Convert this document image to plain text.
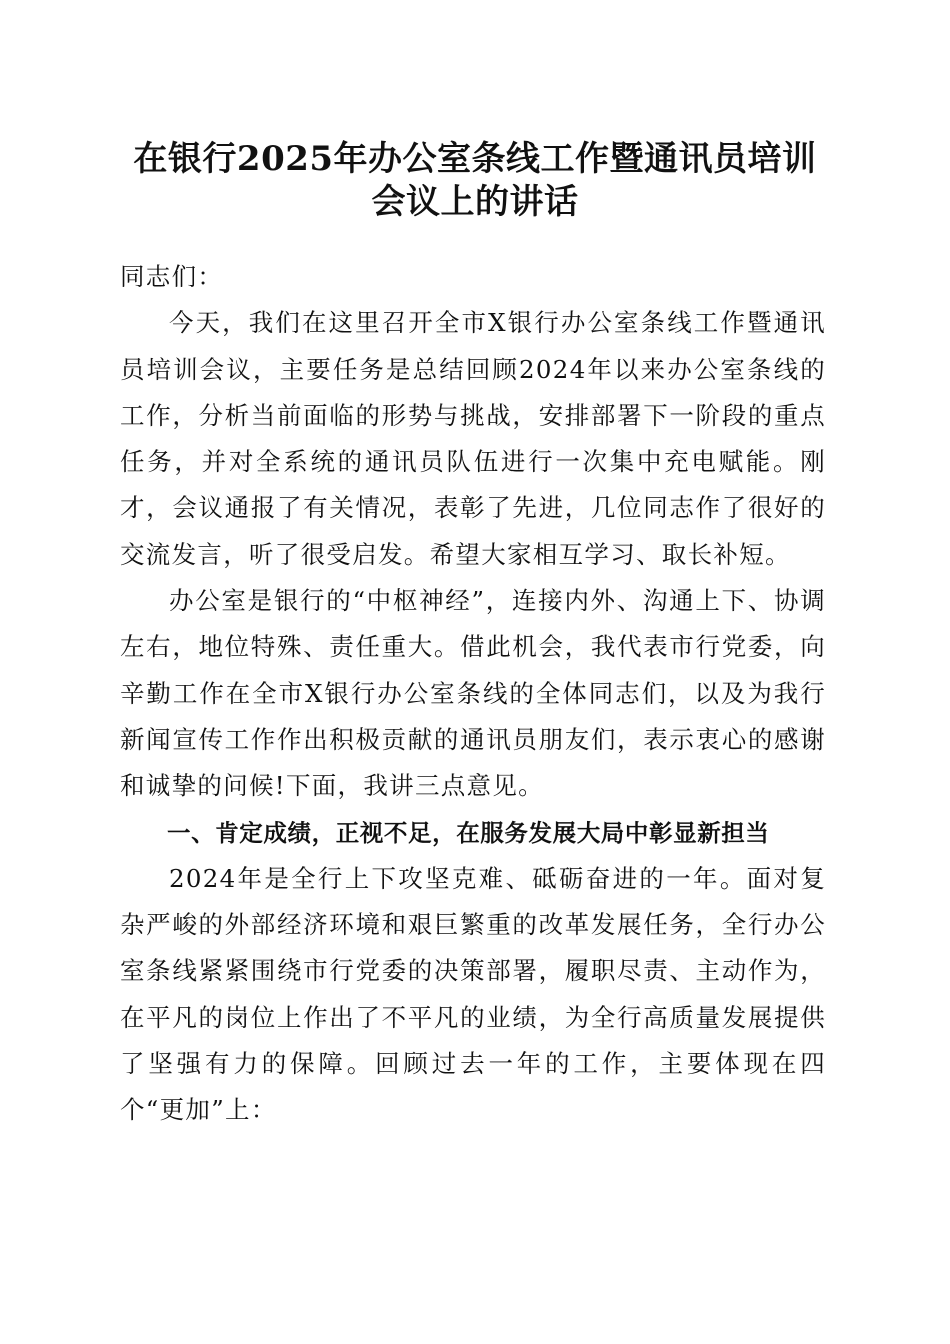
在银行2025年办公室条线工作暨通讯员培训
会议上的讲话

同志们：

今天，我们在这里召开全市X银行办公室条线工作暨通讯员培训会议，主要任务是总结回顾2024年以来办公室条线的工作，分析当前面临的形势与挑战，安排部署下一阶段的重点任务，并对全系统的通讯员队伍进行一次集中充电赋能。刚才，会议通报了有关情况，表彰了先进，几位同志作了很好的交流发言，听了很受启发。希望大家相互学习、取长补短。

办公室是银行的“中枢神经”，连接内外、沟通上下、协调左右，地位特殊、责任重大。借此机会，我代表市行党委，向辛勤工作在全市X银行办公室条线的全体同志们，以及为我行新闻宣传工作作出积极贡献的通讯员朋友们，表示衷心的感谢和诚挚的问候!下面，我讲三点意见。

一、肯定成绩，正视不足，在服务发展大局中彰显新担当

2024年是全行上下攻坚克难、砥砺奋进的一年。面对复杂严峻的外部经济环境和艰巨繁重的改革发展任务，全行办公室条线紧紧围绕市行党委的决策部署，履职尽责、主动作为，在平凡的岗位上作出了不平凡的业绩，为全行高质量发展提供了坚强有力的保障。回顾过去一年的工作，主要体现在四个“更加”上：
